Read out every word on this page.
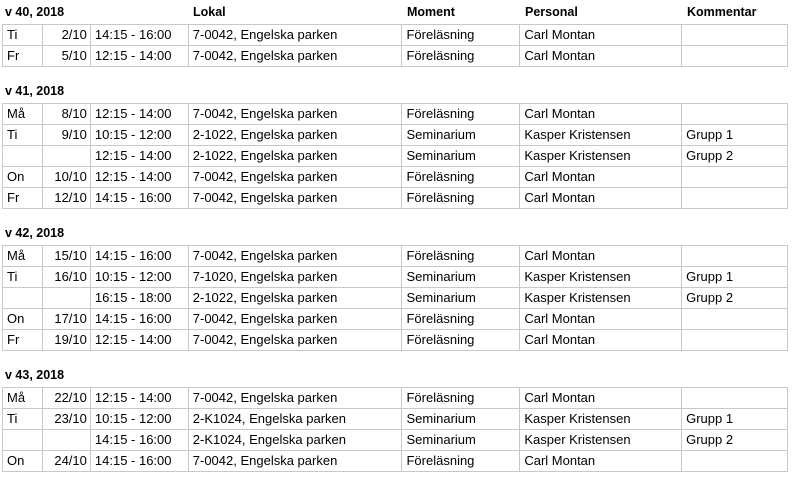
v 40, 2018	Lokal	Moment	Personal	Kommentar
Ti	2/10 14:15 - 16:00	7-0042, Engelska parken	Föreläsning	Carl Montan
Fr	5/10 12:15 - 14:00	7-0042, Engelska parken	Föreläsning	Carl Montan
v 41, 2018
Må	8/10 12:15 - 14:00	7-0042, Engelska parken	Föreläsning	Carl Montan
Ti	9/10 10:15 - 12:00	2-1022, Engelska parken	Seminarium	Kasper Kristensen	Grupp 1
12:15 - 14:00	2-1022, Engelska parken	Seminarium	Kasper Kristensen	Grupp 2
On	10/10 12:15 - 14:00	7-0042, Engelska parken	Föreläsning	Carl Montan
Fr	12/10 14:15 - 16:00	7-0042, Engelska parken	Föreläsning	Carl Montan
v 42, 2018
Må	15/10 14:15 - 16:00	7-0042, Engelska parken	Föreläsning	Carl Montan
Ti	16/10 10:15 - 12:00	7-1020, Engelska parken	Seminarium	Kasper Kristensen	Grupp 1
16:15 - 18:00	2-1022, Engelska parken	Seminarium	Kasper Kristensen	Grupp 2
On	17/10 14:15 - 16:00	7-0042, Engelska parken	Föreläsning	Carl Montan
Fr	19/10 12:15 - 14:00	7-0042, Engelska parken	Föreläsning	Carl Montan
v 43, 2018
Må	22/10 12:15 - 14:00	7-0042, Engelska parken	Föreläsning	Carl Montan
Ti	23/10 10:15 - 12:00	2-K1024, Engelska parken	Seminarium	Kasper Kristensen	Grupp 1
14:15 - 16:00	2-K1024, Engelska parken	Seminarium	Kasper Kristensen	Grupp 2
On	24/10 14:15 - 16:00	7-0042, Engelska parken	Föreläsning	Carl Montan
